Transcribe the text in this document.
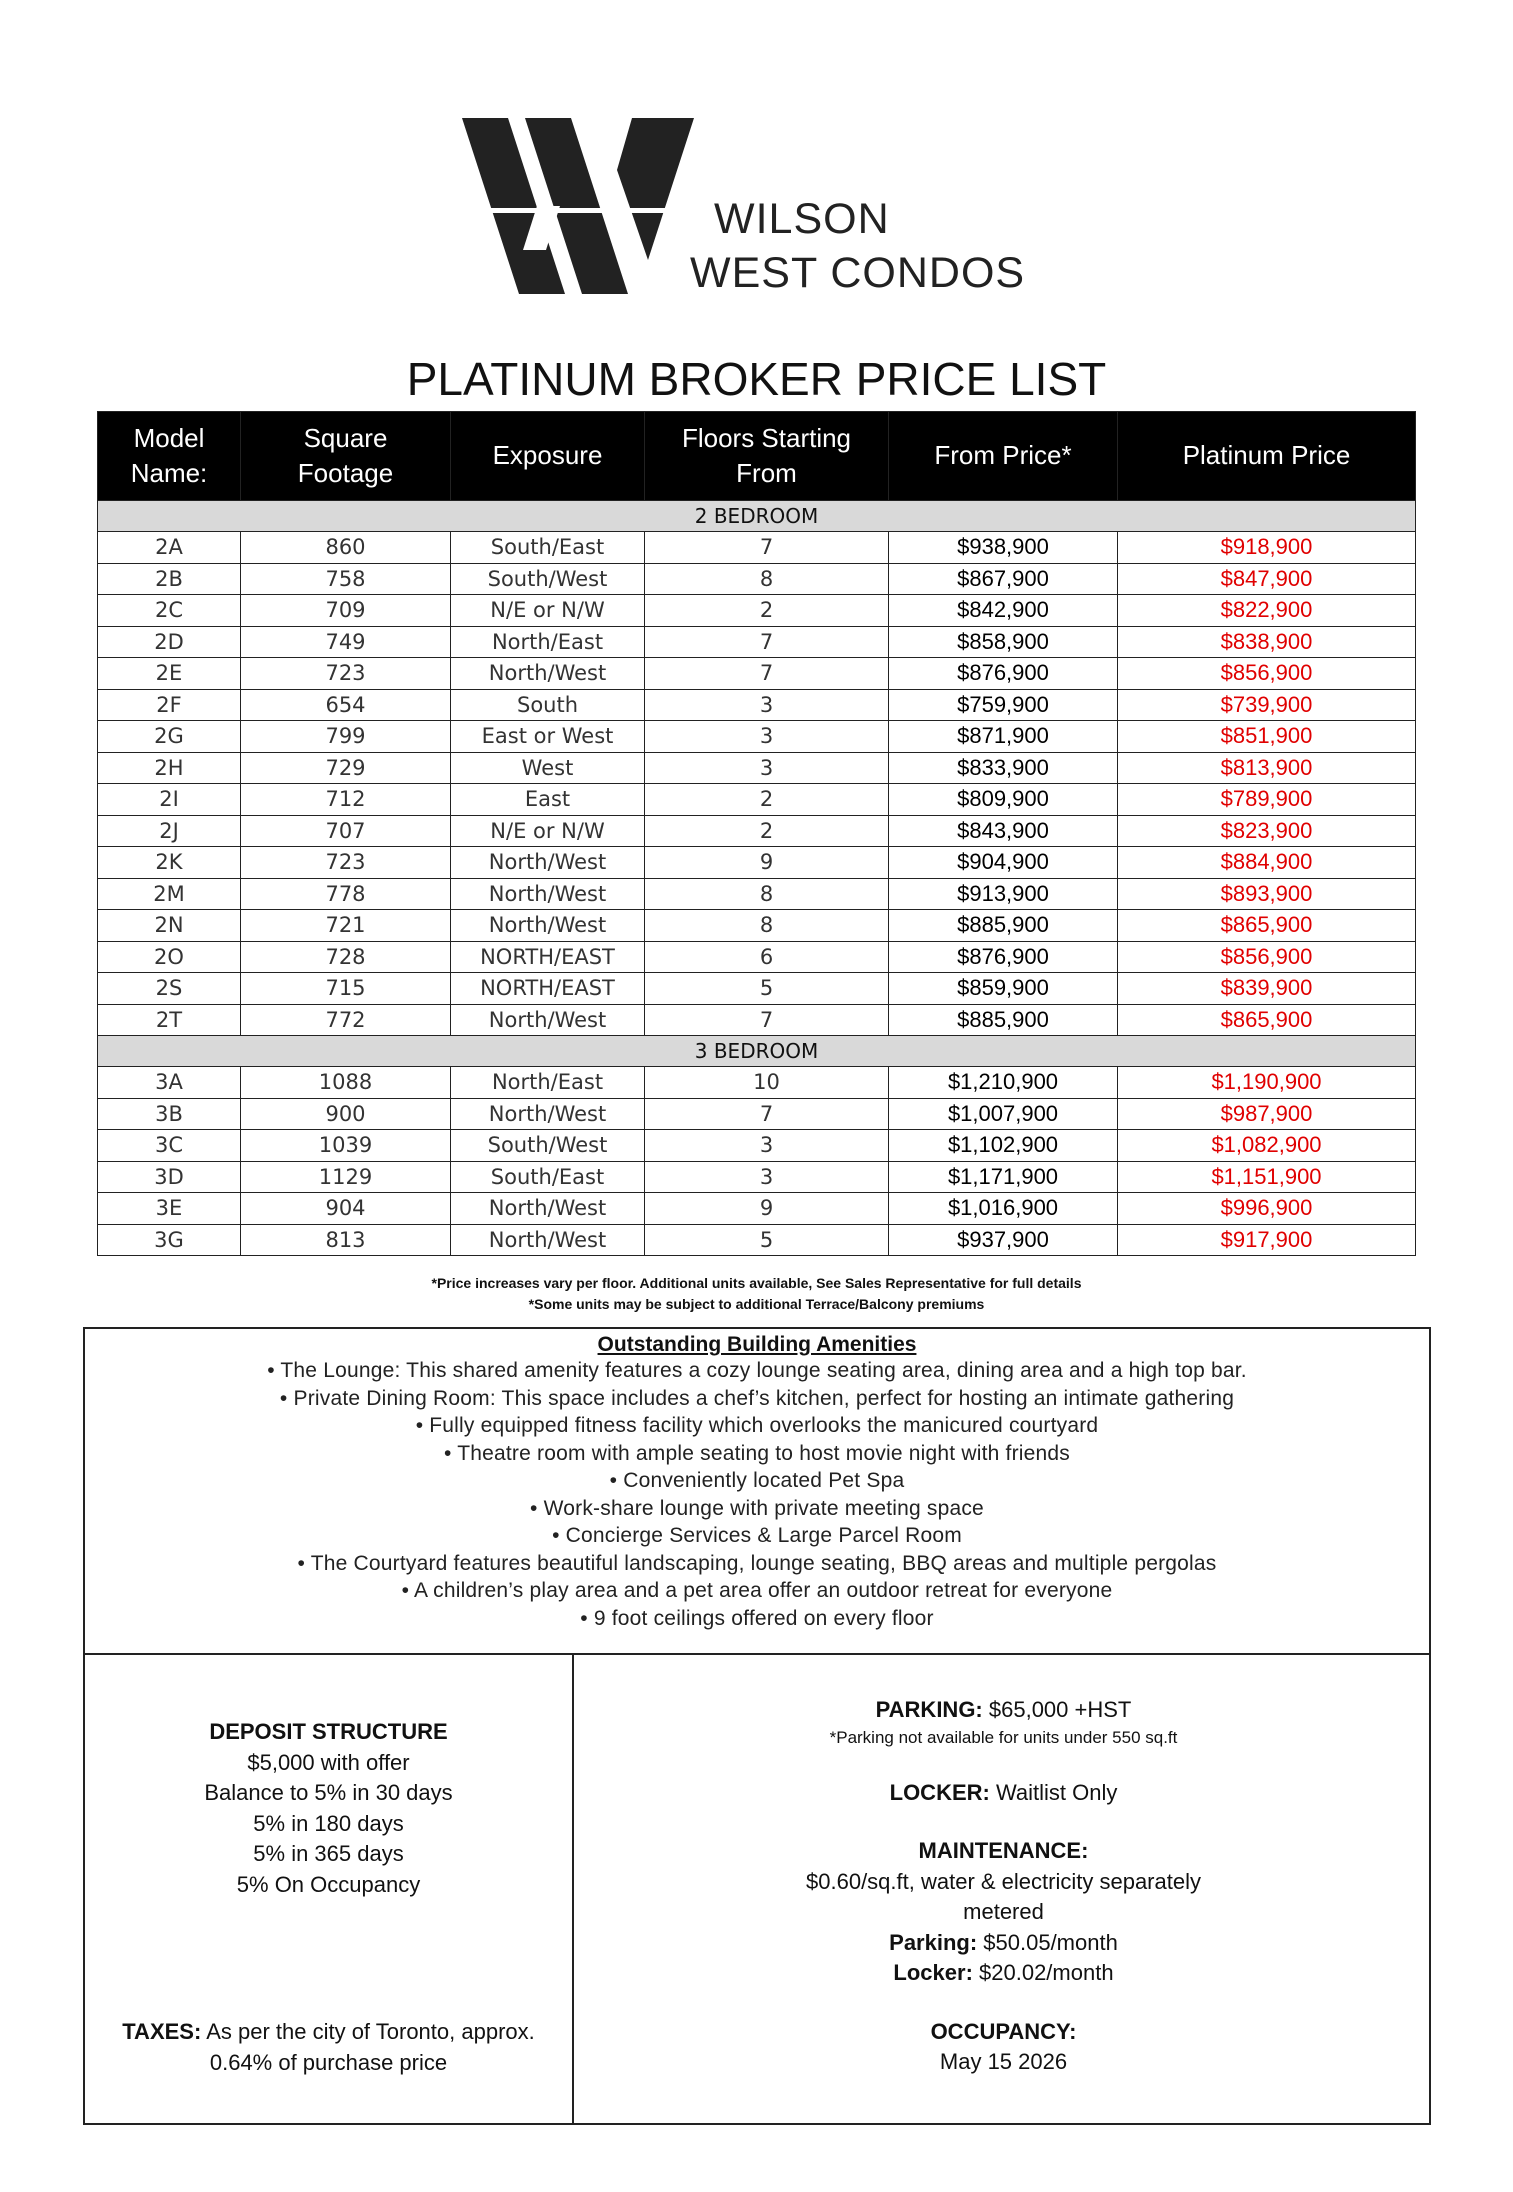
WILSON
WEST CONDOS
PLATINUM BROKER PRICE LIST
Model Name:	Square Footage	Exposure	Floors Starting From	From Price*	Platinum Price
2 BEDROOM					
2A	860	South/East	7	$938,900	$918,900
2B	758	South/West	8	$867,900	$847,900
2C	709	N/E or N/W	2	$842,900	$822,900
2D	749	North/East	7	$858,900	$838,900
2E	723	North/West	7	$876,900	$856,900
2F	654	South	3	$759,900	$739,900
2G	799	East or West	3	$871,900	$851,900
2H	729	West	3	$833,900	$813,900
2I	712	East	2	$809,900	$789,900
2J	707	N/E or N/W	2	$843,900	$823,900
2K	723	North/West	9	$904,900	$884,900
2M	778	North/West	8	$913,900	$893,900
2N	721	North/West	8	$885,900	$865,900
2O	728	NORTH/EAST	6	$876,900	$856,900
2S	715	NORTH/EAST	5	$859,900	$839,900
2T	772	North/West	7	$885,900	$865,900
3 BEDROOM					
3A	1088	North/East	10	$1,210,900	$1,190,900
3B	900	North/West	7	$1,007,900	$987,900
3C	1039	South/West	3	$1,102,900	$1,082,900
3D	1129	South/East	3	$1,171,900	$1,151,900
3E	904	North/West	9	$1,016,900	$996,900
3G	813	North/West	5	$937,900	$917,900
*Price increases vary per floor. Additional units available, See Sales Representative for full details
*Some units may be subject to additional Terrace/Balcony premiums
Outstanding Building Amenities
• The Lounge: This shared amenity features a cozy lounge seating area, dining area and a high top bar.
• Private Dining Room: This space includes a chef’s kitchen, perfect for hosting an intimate gathering
• Fully equipped fitness facility which overlooks the manicured courtyard
• Theatre room with ample seating to host movie night with friends
• Conveniently located Pet Spa
• Work-share lounge with private meeting space
• Concierge Services & Large Parcel Room
• The Courtyard features beautiful landscaping, lounge seating, BBQ areas and multiple pergolas
• A children’s play area and a pet area offer an outdoor retreat for everyone
• 9 foot ceilings offered on every floor
DEPOSIT STRUCTURE
$5,000 with offer
Balance to 5% in 30 days
5% in 180 days
5% in 365 days
5% On Occupancy
TAXES: As per the city of Toronto, approx.
0.64% of purchase price
PARKING: $65,000 +HST
*Parking not available for units under 550 sq.ft
LOCKER: Waitlist Only
MAINTENANCE:
$0.60/sq.ft, water & electricity separately
metered
Parking: $50.05/month
Locker: $20.02/month
OCCUPANCY:
May 15 2026
